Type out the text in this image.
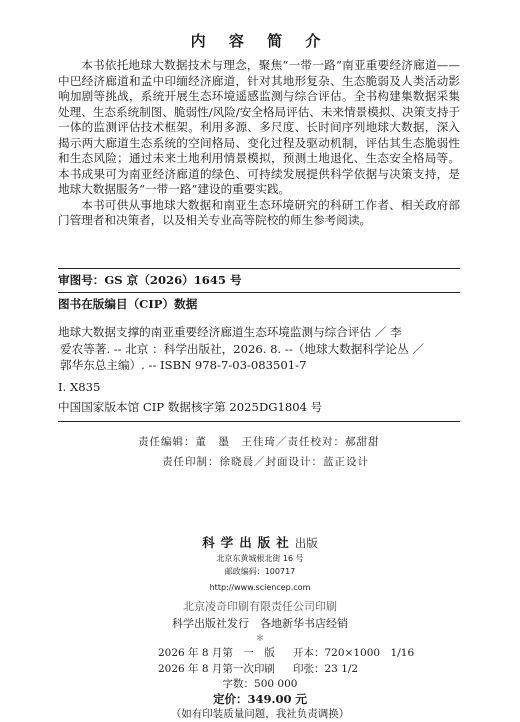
内 容 简 介

本书依托地球大数据技术与理念，聚焦“一带一路”南亚重要经济廊道——中巴经济廊道和孟中印缅经济廊道，针对其地形复杂、生态脆弱及人类活动影响加剧等挑战，系统开展生态环境遥感监测与综合评估。全书构建集数据采集处理、生态系统制图、脆弱性/风险/安全格局评估、未来情景模拟、决策支持于一体的监测评估技术框架。利用多源、多尺度、长时间序列地球大数据，深入揭示两大廊道生态系统的空间格局、变化过程及驱动机制，评估其生态脆弱性和生态风险；通过未来土地利用情景模拟，预测土地退化、生态安全格局等。本书成果可为南亚经济廊道的绿色、可持续发展提供科学依据与决策支持，是地球大数据服务“一带一路”建设的重要实践。

本书可供从事地球大数据和南亚生态环境研究的科研工作者、相关政府部门管理者和决策者，以及相关专业高等院校的师生参考阅读。

审图号：GS 京（2026）1645 号
图书在版编目（CIP）数据
地球大数据支撑的南亚重要经济廊道生态环境监测与综合评估 ／ 李
爱农等著. -- 北京 ：科学出版社，2026. 8. --（地球大数据科学论丛 ／
郭华东总主编）. -- ISBN 978-7-03-083501-7
Ⅰ. X835
中国国家版本馆 CIP 数据核字第 2025DG1804 号
责任编辑：董　墨　王佳琦／责任校对：郝甜甜
责任印制：徐晓晨／封面设计：蓝正设计
科学出版社出版
北京东黄城根北街 16 号
邮政编码：100717
http://www.sciencep.com
北京凌奇印刷有限责任公司印刷
科学出版社发行　各地新华书店经销
＊
2026 年 8 月第　一　版 开本：720×1000　1/16
2026 年 8 月第一次印刷 印张：23 1/2
字数：500 000
定价：349.00 元
（如有印装质量问题，我社负责调换）
